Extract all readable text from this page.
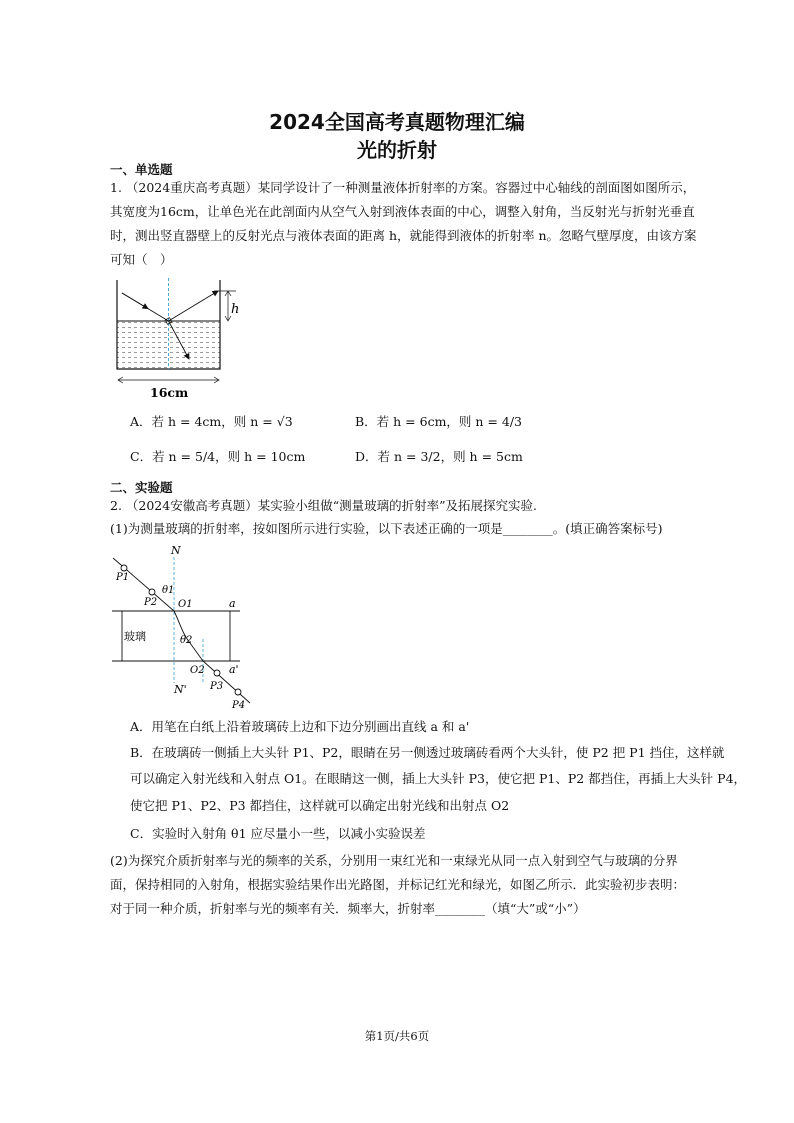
2024全国高考真题物理汇编
光的折射
一、单选题
1. （2024重庆高考真题）某同学设计了一种测量液体折射率的方案。容器过中心轴线的剖面图如图所示，
其宽度为16cm，让单色光在此剖面内从空气入射到液体表面的中心，调整入射角，当反射光与折射光垂直
时，测出竖直器壁上的反射光点与液体表面的距离 h，就能得到液体的折射率 n。忽略气壁厚度，由该方案
可知（　）
h
16cm
A．若 h = 4cm，则 n = √3	B．若 h = 6cm，则 n = 4/3
C．若 n = 5/4，则 h = 10cm	D．若 n = 3/2，则 h = 5cm
二、实验题
2. （2024安徽高考真题）某实验小组做“测量玻璃的折射率”及拓展探究实验.
(1)为测量玻璃的折射率，按如图所示进行实验，以下表述正确的一项是________。(填正确答案标号)
玻璃
N
N'
P1
P2
θ1
O1
θ2
O2
P3
P4
a
a'
A．用笔在白纸上沿着玻璃砖上边和下边分别画出直线 a 和 a'
B．在玻璃砖一侧插上大头针 P1、P2，眼睛在另一侧透过玻璃砖看两个大头针，使 P2 把 P1 挡住，这样就
可以确定入射光线和入射点 O1。在眼睛这一侧，插上大头针 P3，使它把 P1、P2 都挡住，再插上大头针 P4，
使它把 P1、P2、P3 都挡住，这样就可以确定出射光线和出射点 O2
C．实验时入射角 θ1 应尽量小一些，以减小实验误差
(2)为探究介质折射率与光的频率的关系，分别用一束红光和一束绿光从同一点入射到空气与玻璃的分界
面，保持相同的入射角，根据实验结果作出光路图，并标记红光和绿光，如图乙所示．此实验初步表明：
对于同一种介质，折射率与光的频率有关．频率大，折射率________（填“大”或“小”）
第1页/共6页
